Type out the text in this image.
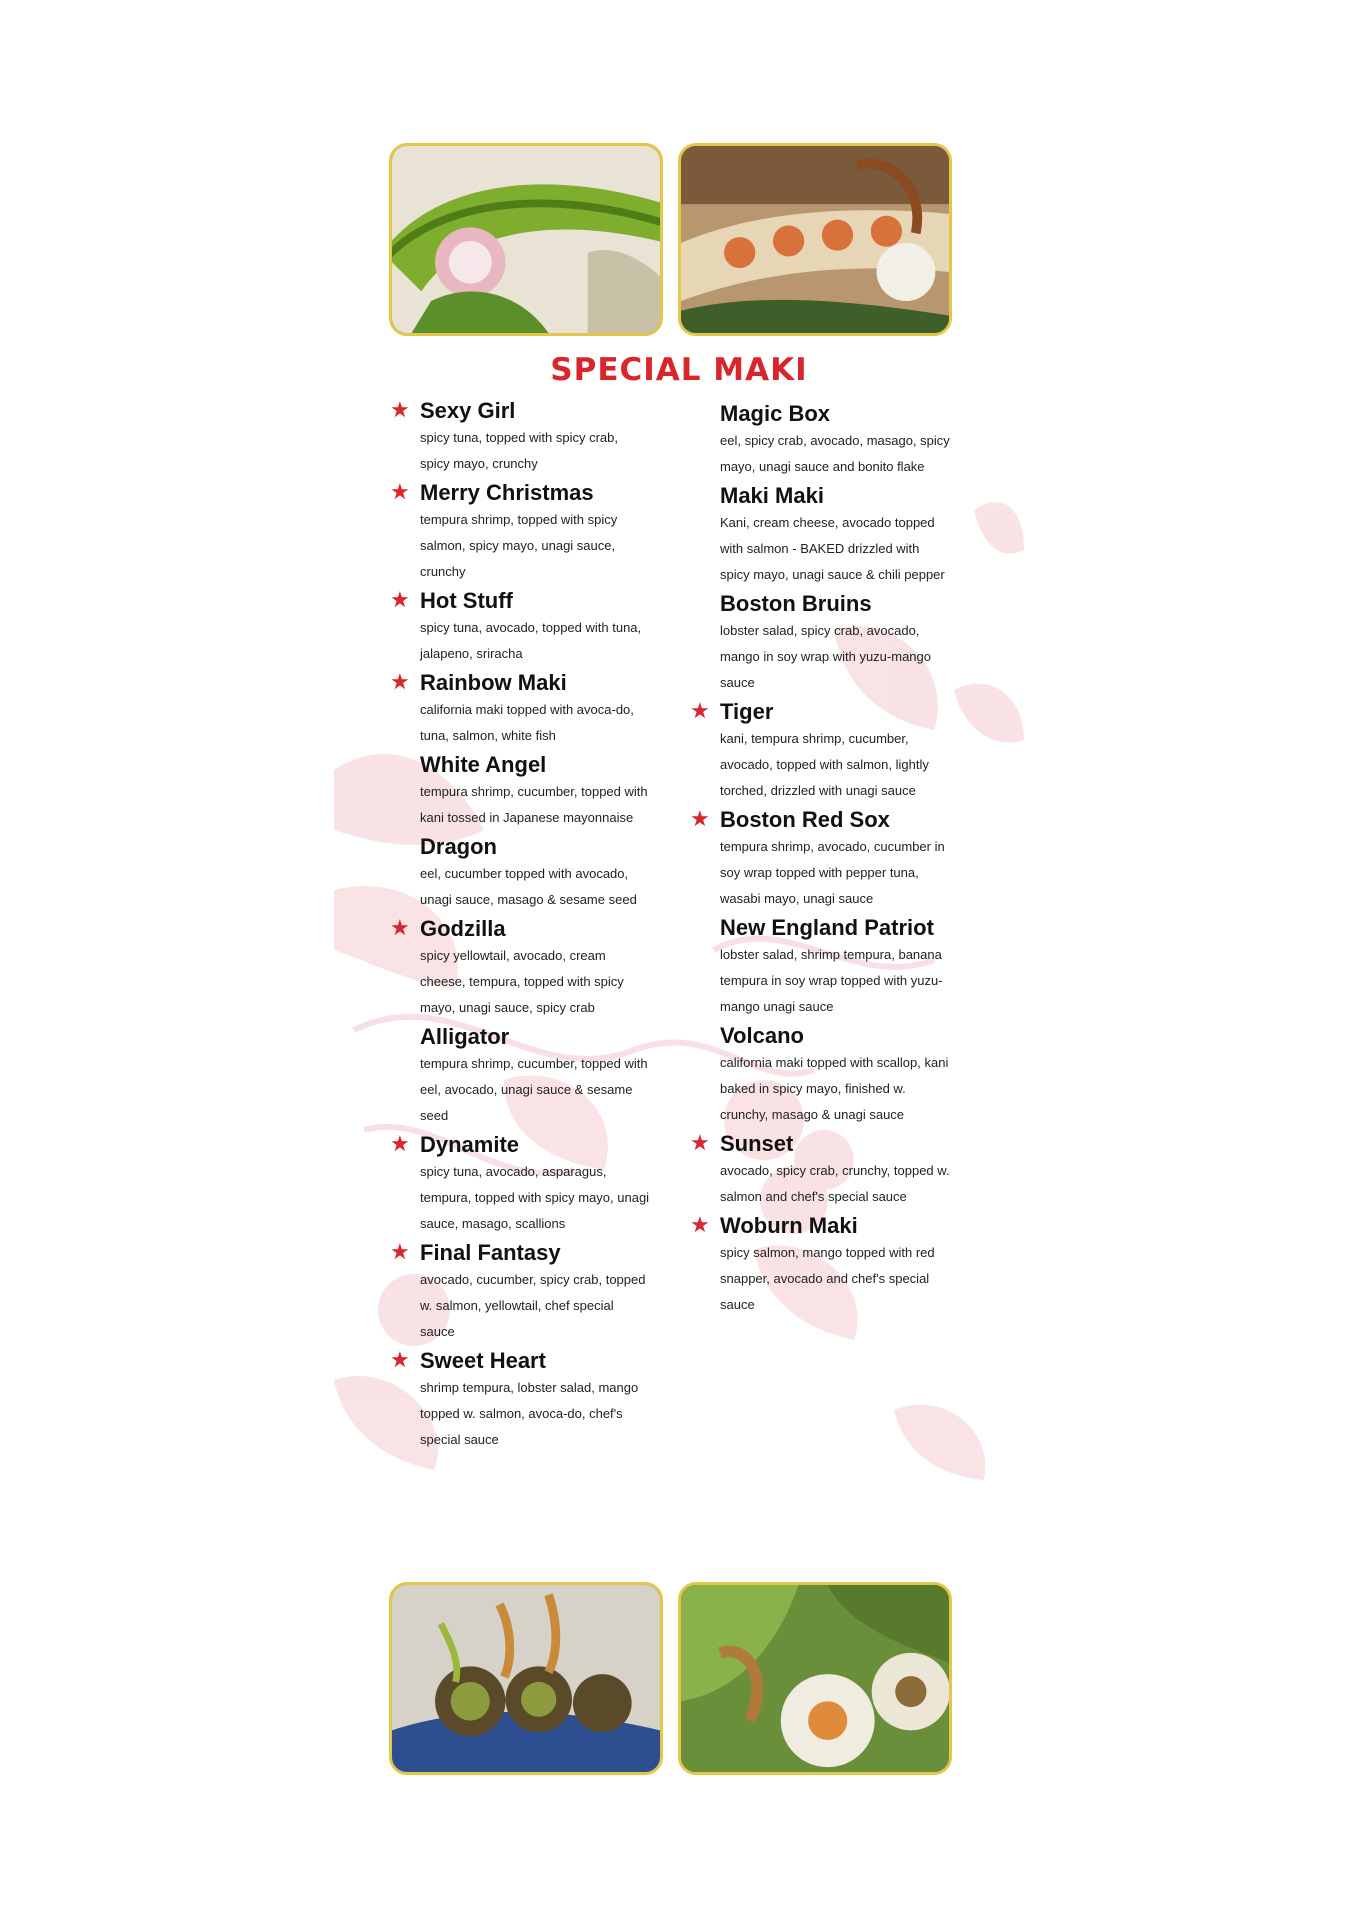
SPECIAL MAKI
★ Sexy Girl
spicy tuna, topped with spicy crab, spicy mayo, crunchy
★ Merry Christmas
tempura shrimp, topped with spicy salmon, spicy mayo, unagi sauce, crunchy
★ Hot Stuff
spicy tuna, avocado, topped with tuna, jalapeno, sriracha
★ Rainbow Maki
california maki topped with avoca-do, tuna, salmon, white fish
White Angel
tempura shrimp, cucumber, topped with kani tossed in Japanese mayonnaise
Dragon
eel, cucumber topped with avocado, unagi sauce, masago & sesame seed
★ Godzilla
spicy yellowtail, avocado, cream cheese, tempura, topped with spicy mayo, unagi sauce, spicy crab
Alligator
tempura shrimp, cucumber, topped with eel, avocado, unagi sauce & sesame seed
★ Dynamite
spicy tuna, avocado, asparagus, tempura, topped with spicy mayo, unagi sauce, masago, scallions
★ Final Fantasy
avocado, cucumber, spicy crab, topped w. salmon, yellowtail, chef special sauce
★ Sweet Heart
shrimp tempura, lobster salad, mango topped w. salmon, avoca-do, chef's special sauce
Magic Box
eel, spicy crab, avocado, masago, spicy mayo, unagi sauce and bonito flake
Maki Maki
Kani, cream cheese, avocado topped with salmon - BAKED drizzled with spicy mayo, unagi sauce & chili pepper
Boston Bruins
lobster salad, spicy crab, avocado, mango in soy wrap with yuzu-mango sauce
★ Tiger
kani, tempura shrimp, cucumber, avocado, topped with salmon, lightly torched, drizzled with unagi sauce
★ Boston Red Sox
tempura shrimp, avocado, cucumber in soy wrap topped with pepper tuna, wasabi mayo, unagi sauce
New England Patriot
lobster salad, shrimp tempura, banana tempura in soy wrap topped with yuzu-mango unagi sauce
Volcano
california maki topped with scallop, kani baked in spicy mayo, finished w. crunchy, masago & unagi sauce
★ Sunset
avocado, spicy crab, crunchy, topped w. salmon and chef's special sauce
★ Woburn Maki
spicy salmon, mango topped with red snapper, avocado and chef's special sauce
